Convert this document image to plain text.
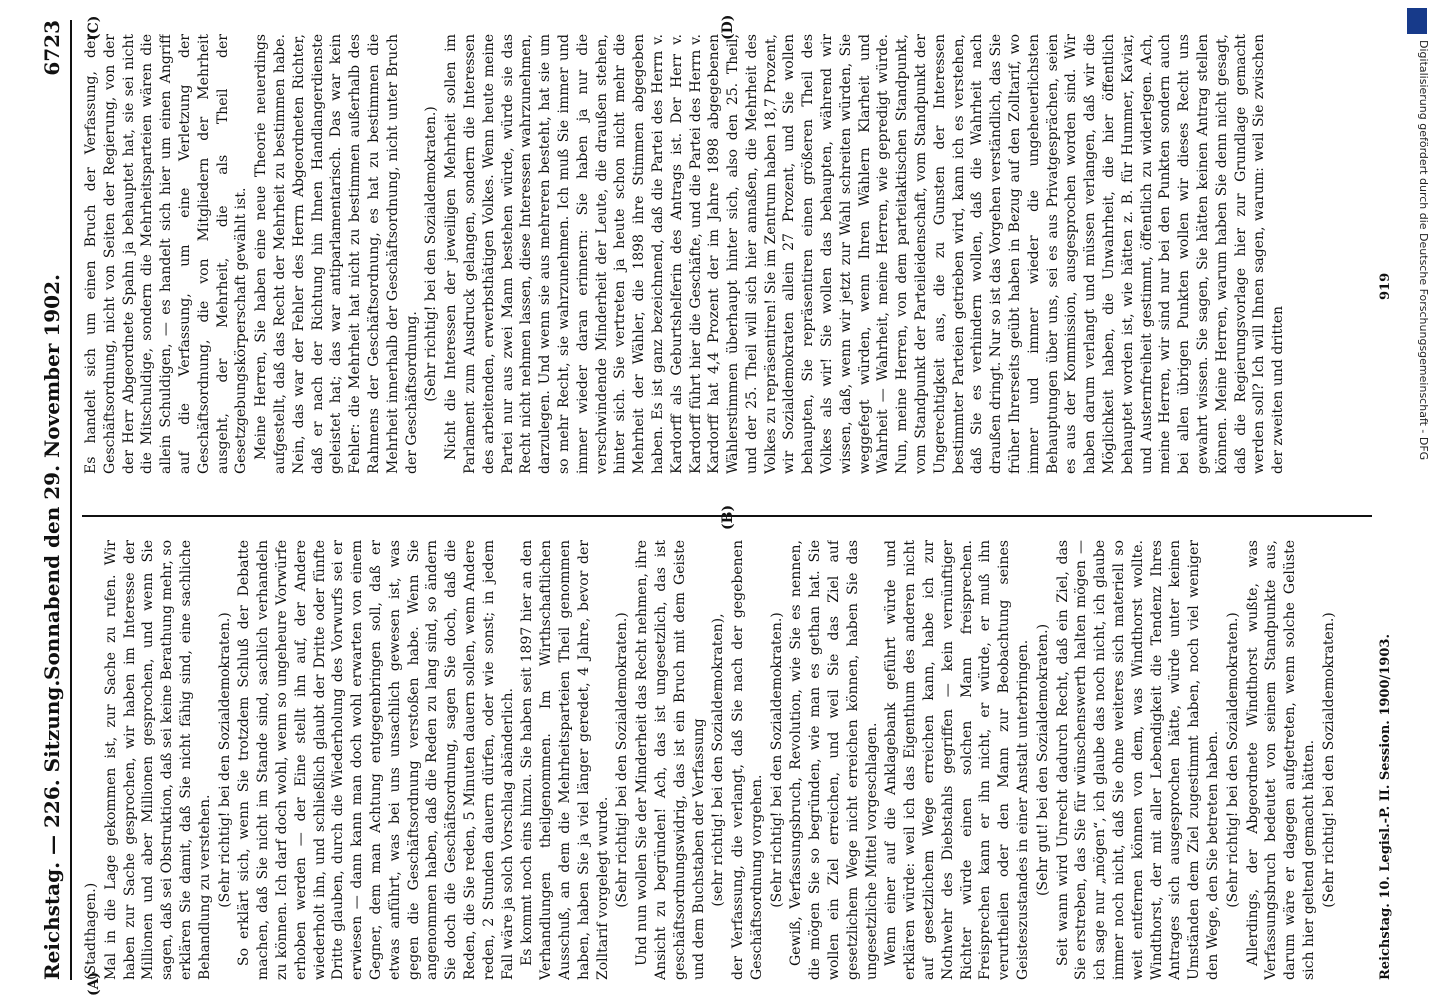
Reichstag. — 226. Sitzung.
Sonnabend den 29. November 1902.
6723
(A)
(B)
(C)	(D)

(Stadthagen.) Mal in die Lage gekommen ist, zur Sache zu rufen. Wir haben zur Sache gesprochen, wir haben im Interesse der Millionen und aber Millionen gesprochen, und wenn Sie sagen, daß sei Obstruktion, daß sei keine Berathung mehr, so erklären Sie damit, daß Sie nicht fähig sind, eine sachliche Behandlung zu verstehen. (Sehr richtig! bei den Sozialdemokraten.) So erklärt sich, wenn Sie trotzdem Schluß der Debatte machen, daß Sie nicht im Stande sind, sachlich verhandeln zu können. Ich darf doch wohl, wenn so ungeheure Vorwürfe erhoben werden — der Eine stellt ihn auf, der Andere wiederholt ihn, und schließlich glaubt der Dritte oder fünfte Dritte glauben, durch die Wiederholung des Vorwurfs sei er erwiesen — dann kann man doch wohl erwarten von einem Gegner, dem man Achtung entgegenbringen soll, daß er etwas anführt, was bei uns unsachlich gewesen ist, was gegen die Geschäftsordnung verstoßen habe. Wenn Sie angenommen haben, daß die Reden zu lang sind, so ändern Sie doch die Geschäftsordnung, sagen Sie doch, daß die Reden, die Sie reden, 5 Minuten dauern sollen, wenn Andere reden, 2 Stunden dauern dürfen, oder wie sonst; in jedem Fall wäre ja solch Vorschlag abänderlich. Es kommt noch eins hinzu. Sie haben seit 1897 hier an den Verhandlungen theilgenommen. Im Wirthschaftlichen Ausschuß, an dem die Mehrheitsparteien Theil genommen haben, haben Sie ja viel länger geredet, 4 Jahre, bevor der Zolltarif vorgelegt wurde. (Sehr richtig! bei den Sozialdemokraten.) Und nun wollen Sie der Minderheit das Recht nehmen, ihre Ansicht zu begründen! Ach, das ist ungesetzlich, das ist geschäftsordnungswidrig, das ist ein Bruch mit dem Geiste und dem Buchstaben der Verfassung (sehr richtig! bei den Sozialdemokraten), der Verfassung, die verlangt, daß Sie nach der gegebenen Geschäftsordnung vorgehen. (Sehr richtig! bei den Sozialdemokraten.) Gewiß, Verfassungsbruch, Revolution, wie Sie es nennen, die mögen Sie so begründen, wie man es gethan hat. Sie wollen ein Ziel erreichen, und weil Sie das Ziel auf gesetzlichem Wege nicht erreichen können, haben Sie das ungesetzliche Mittel vorgeschlagen. Wenn einer auf die Anklagebank geführt würde und erklären würde: weil ich das Eigenthum des anderen nicht auf gesetzlichem Wege erreichen kann, habe ich zur Nothwehr des Diebstahls gegriffen — kein vernünftiger Richter würde einen solchen Mann freisprechen. Freisprechen kann er ihn nicht, er würde, er muß ihn verurtheilen oder den Mann zur Beobachtung seines Geisteszustandes in einer Anstalt unterbringen. (Sehr gut! bei den Sozialdemokraten.) Seit wann wird Unrecht dadurch Recht, daß ein Ziel, das Sie erstreben, das Sie für wünschenswerth halten mögen — ich sage nur „mögen“, ich glaube das noch nicht, ich glaube immer noch nicht, daß Sie ohne weiteres sich materiell so weit entfernen können von dem, was Windthorst wollte. Windthorst, der mit aller Lebendigkeit die Tendenz Ihres Antrages sich ausgesprochen hätte, würde unter keinen Umständen dem Ziel zugestimmt haben, noch viel weniger den Wege, den Sie betreten haben. (Sehr richtig! bei den Sozialdemokraten.) Allerdings, der Abgeordnete Windthorst wußte, was Verfassungsbruch bedeutet von seinem Standpunkte aus, darum wäre er dagegen aufgetreten, wenn solche Gelüste sich hier geltend gemacht hätten. (Sehr richtig! bei den Sozialdemokraten.)

Es handelt sich um einen Bruch der Verfassung, der Geschäftsordnung, nicht von Seiten der Regierung, von der der Herr Abgeordnete Spahn ja behauptet hat, sie sei nicht die Mitschuldige, sondern die Mehrheitsparteien wären die allein Schuldigen, — es handelt sich hier um einen Angriff auf die Verfassung, um eine Verletzung der Geschäftsordnung, die von Mitgliedern der Mehrheit ausgeht, der Mehrheit, die als Theil der Gesetzgebungskörperschaft gewählt ist. Meine Herren, Sie haben eine neue Theorie neuerdings aufgestellt, daß das Recht der Mehrheit zu bestimmen habe. Nein, das war der Fehler des Herrn Abgeordneten Richter, daß er nach der Richtung hin Ihnen Handlangerdienste geleistet hat; das war antiparlamentarisch. Das war kein Fehler: die Mehrheit hat nicht zu bestimmen außerhalb des Rahmens der Geschäftsordnung, es hat zu bestimmen die Mehrheit innerhalb der Geschäftsordnung, nicht unter Bruch der Geschäftsordnung. (Sehr richtig! bei den Sozialdemokraten.) Nicht die Interessen der jeweiligen Mehrheit sollen im Parlament zum Ausdruck gelangen, sondern die Interessen des arbeitenden, erwerbsthätigen Volkes. Wenn heute meine Partei nur aus zwei Mann bestehen würde, würde sie das Recht nicht nehmen lassen, diese Interessen wahrzunehmen, darzulegen. Und wenn sie aus mehreren besteht, hat sie um so mehr Recht, sie wahrzunehmen. Ich muß Sie immer und immer wieder daran erinnern: Sie haben ja nur die verschwindende Minderheit der Leute, die draußen stehen, hinter sich. Sie vertreten ja heute schon nicht mehr die Mehrheit der Wähler, die 1898 ihre Stimmen abgegeben haben. Es ist ganz bezeichnend, daß die Partei des Herrn v. Kardorff als Geburtshelferin des Antrags ist. Der Herr v. Kardorff führt hier die Geschäfte, und die Partei des Herrn v. Kardorff hat 4,4 Prozent der im Jahre 1898 abgegebenen Wählerstimmen überhaupt hinter sich, also den 25. Theil, und der 25. Theil will sich hier annaßen, die Mehrheit des Volkes zu repräsentiren! Sie im Zentrum haben 18,7 Prozent, wir Sozialdemokraten allein 27 Prozent, und Sie wollen behaupten, Sie repräsentiren einen größeren Theil des Volkes als wir! Sie wollen das behaupten, während wir wissen, daß, wenn wir jetzt zur Wahl schreiten würden, Sie weggefegt würden, wenn Ihren Wählern Klarheit und Wahrheit — Wahrheit, meine Herren, wie gepredigt würde. Nun, meine Herren, von dem parteitaktischen Standpunkt, vom Standpunkt der Parteileidenschaft, vom Standpunkt der Ungerechtigkeit aus, die zu Gunsten der Interessen bestimmter Parteien getrieben wird, kann ich es verstehen, daß Sie es verhindern wollen, daß die Wahrheit nach draußen dringt. Nur so ist das Vorgehen verständlich, das Sie früher Ihrerseits geübt haben in Bezug auf den Zolltarif, wo immer und immer wieder die ungeheuerlichsten Behauptungen über uns, sei es aus Privatgesprächen, seien es aus der Kommission, ausgesprochen worden sind. Wir haben darum verlangt und müssen verlangen, daß wir die Möglichkeit haben, die Unwahrheit, die hier öffentlich behauptet worden ist, wie hätten z. B. für Hummer, Kaviar, und Austernfreiheit gestimmt, öffentlich zu widerlegen. Ach, meine Herren, wir sind nur bei den Punkten sondern auch bei allen übrigen Punkten wollen wir dieses Recht uns gewahrt wissen. Sie sagen, Sie hätten keinen Antrag stellen können. Meine Herren, warum haben Sie denn nicht gesagt, daß die Regierungsvorlage hier zur Grundlage gemacht werden soll? Ich will Ihnen sagen, warum: weil Sie zwischen der zweiten und dritten

Reichstag. 10. Legisl.-P. II. Session. 1900/1903.
919	Digitalisierung gefördert durch die Deutsche Forschungsgemeinschaft - DFG
